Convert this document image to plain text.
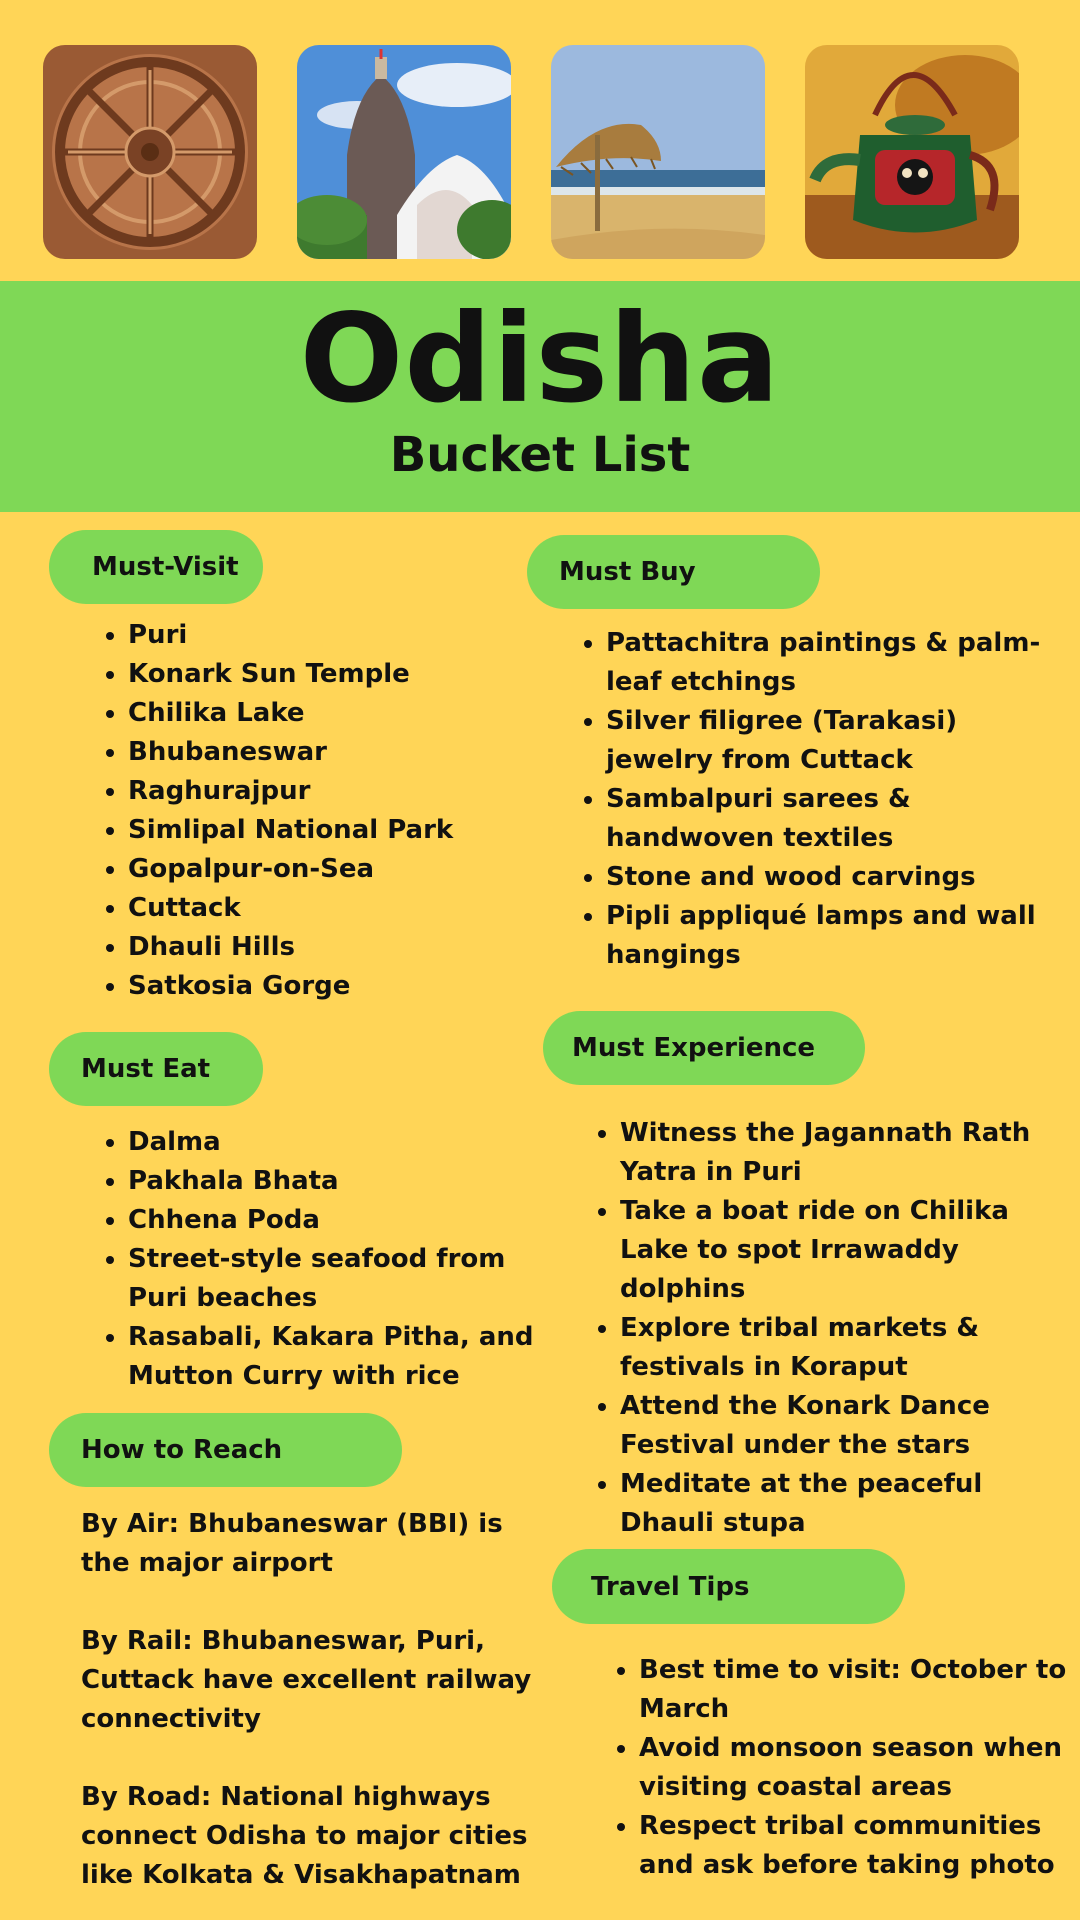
Odisha
Bucket List
Must-Visit
• Puri
• Konark Sun Temple
• Chilika Lake
• Bhubaneswar
• Raghurajpur
• Simlipal National Park
• Gopalpur-on-Sea
• Cuttack
• Dhauli Hills
• Satkosia Gorge
Must Buy
• Pattachitra paintings & palm-leaf etchings
• Silver filigree (Tarakasi) jewelry from Cuttack
• Sambalpuri sarees & handwoven textiles
• Stone and wood carvings
• Pipli appliqué lamps and wall hangings
Must Eat
• Dalma
• Pakhala Bhata
• Chhena Poda
• Street-style seafood from Puri beaches
• Rasabali, Kakara Pitha, and Mutton Curry with rice
Must Experience
• Witness the Jagannath Rath Yatra in Puri
• Take a boat ride on Chilika Lake to spot Irrawaddy dolphins
• Explore tribal markets & festivals in Koraput
• Attend the Konark Dance Festival under the stars
• Meditate at the peaceful Dhauli stupa
How to Reach

By Air: Bhubaneswar (BBI) is the major airport

By Rail: Bhubaneswar, Puri, Cuttack have excellent railway connectivity

By Road: National highways connect Odisha to major cities like Kolkata & Visakhapatnam

Travel Tips
• Best time to visit: October to March
• Avoid monsoon season when visiting coastal areas
• Respect tribal communities and ask before taking photo
